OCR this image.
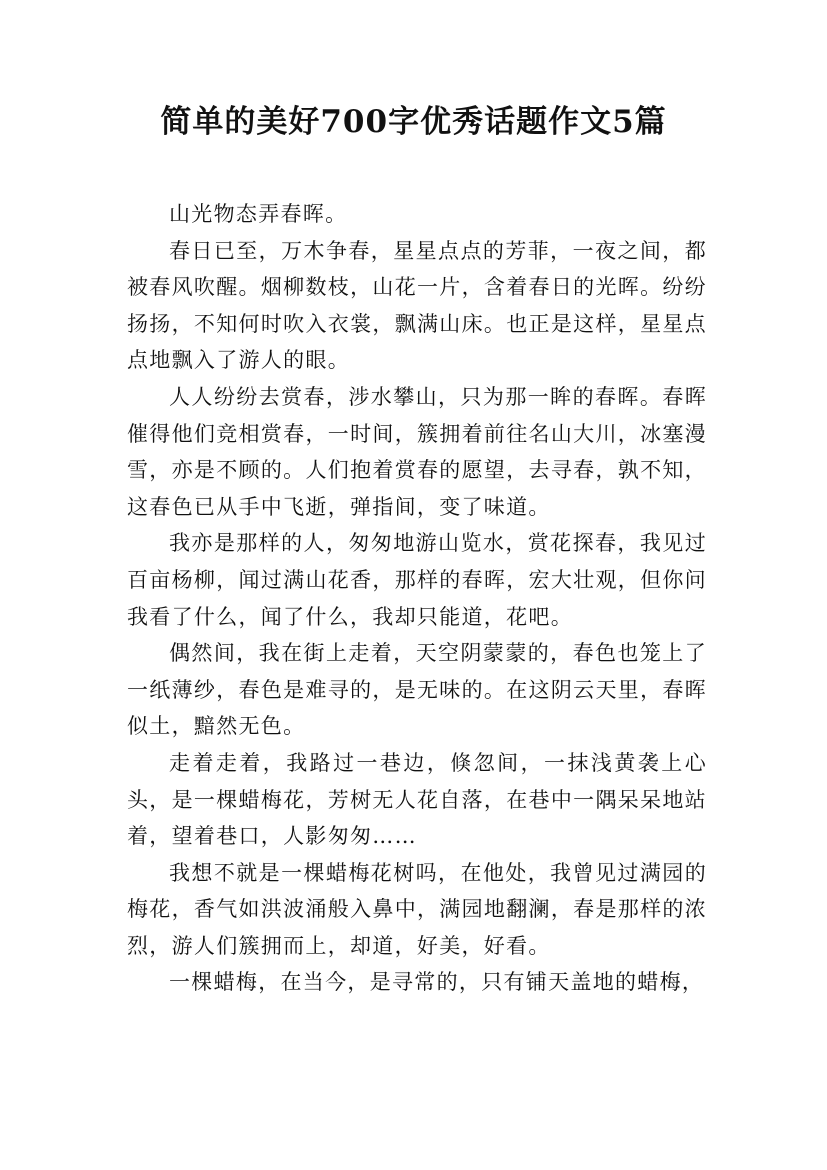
简单的美好700字优秀话题作文5篇

山光物态弄春晖。

春日已至，万木争春，星星点点的芳菲，一夜之间，都被春风吹醒。烟柳数枝，山花一片，含着春日的光晖。纷纷扬扬，不知何时吹入衣裳，飘满山床。也正是这样，星星点点地飘入了游人的眼。

人人纷纷去赏春，涉水攀山，只为那一眸的春晖。春晖催得他们竞相赏春，一时间，簇拥着前往名山大川，冰塞漫雪，亦是不顾的。人们抱着赏春的愿望，去寻春，孰不知，这春色已从手中飞逝，弹指间，变了味道。

我亦是那样的人，匆匆地游山览水，赏花探春，我见过百亩杨柳，闻过满山花香，那样的春晖，宏大壮观，但你问我看了什么，闻了什么，我却只能道，花吧。

偶然间，我在街上走着，天空阴蒙蒙的，春色也笼上了一纸薄纱，春色是难寻的，是无味的。在这阴云天里，春晖似土，黯然无色。

走着走着，我路过一巷边，倏忽间，一抹浅黄袭上心头，是一棵蜡梅花，芳树无人花自落，在巷中一隅呆呆地站着，望着巷口，人影匆匆……

我想不就是一棵蜡梅花树吗，在他处，我曾见过满园的梅花，香气如洪波涌般入鼻中，满园地翻澜，春是那样的浓烈，游人们簇拥而上，却道，好美，好看。

一棵蜡梅，在当今，是寻常的，只有铺天盖地的蜡梅，
